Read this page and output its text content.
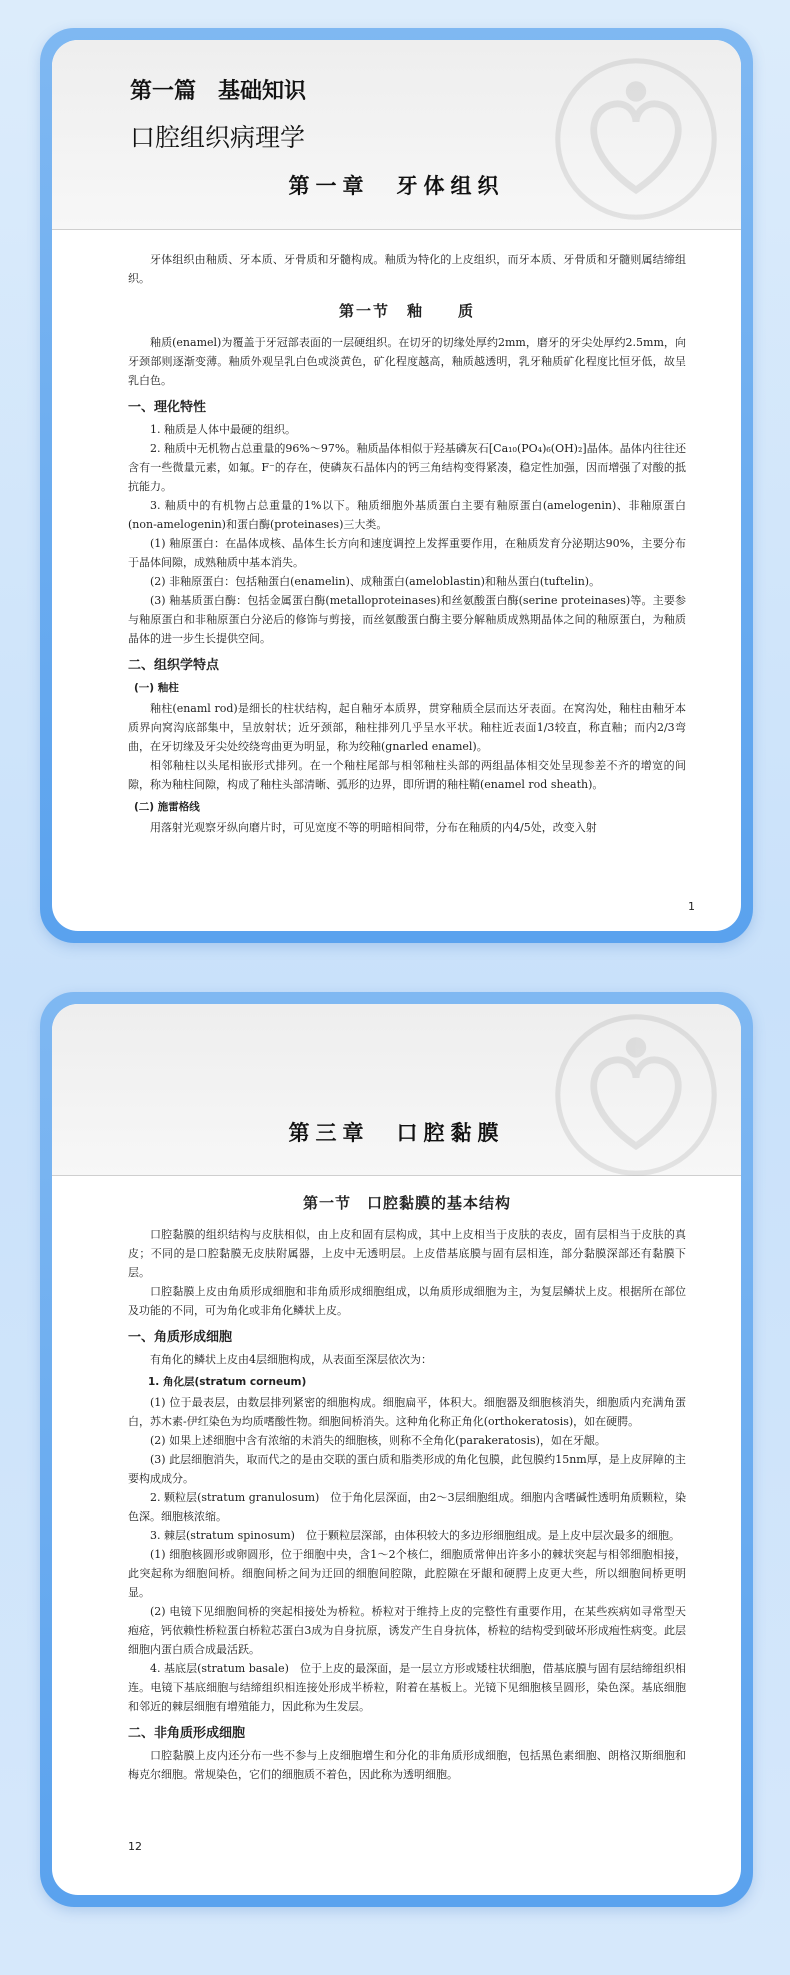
第一篇　基础知识
口腔组织病理学
第一章　牙体组织

牙体组织由釉质、牙本质、牙骨质和牙髓构成。釉质为特化的上皮组织，而牙本质、牙骨质和牙髓则属结缔组织。

第一节　釉　　质

釉质(enamel)为覆盖于牙冠部表面的一层硬组织。在切牙的切缘处厚约2mm，磨牙的牙尖处厚约2.5mm，向牙颈部则逐渐变薄。釉质外观呈乳白色或淡黄色，矿化程度越高，釉质越透明，乳牙釉质矿化程度比恒牙低，故呈乳白色。

一、理化特性

1. 釉质是人体中最硬的组织。

2. 釉质中无机物占总重量的96%～97%。釉质晶体相似于羟基磷灰石[Ca₁₀(PO₄)₆(OH)₂]晶体。晶体内往往还含有一些微量元素，如氟。F⁻的存在，使磷灰石晶体内的钙三角结构变得紧凑，稳定性加强，因而增强了对酸的抵抗能力。

3. 釉质中的有机物占总重量的1%以下。釉质细胞外基质蛋白主要有釉原蛋白(amelogenin)、非釉原蛋白(non-amelogenin)和蛋白酶(proteinases)三大类。

(1) 釉原蛋白：在晶体成核、晶体生长方向和速度调控上发挥重要作用，在釉质发育分泌期达90%，主要分布于晶体间隙，成熟釉质中基本消失。

(2) 非釉原蛋白：包括釉蛋白(enamelin)、成釉蛋白(ameloblastin)和釉丛蛋白(tuftelin)。

(3) 釉基质蛋白酶：包括金属蛋白酶(metalloproteinases)和丝氨酸蛋白酶(serine proteinases)等。主要参与釉原蛋白和非釉原蛋白分泌后的修饰与剪接，而丝氨酸蛋白酶主要分解釉质成熟期晶体之间的釉原蛋白，为釉质晶体的进一步生长提供空间。

二、组织学特点
(一) 釉柱

釉柱(enaml rod)是细长的柱状结构，起自釉牙本质界，贯穿釉质全层而达牙表面。在窝沟处，釉柱由釉牙本质界向窝沟底部集中，呈放射状；近牙颈部，釉柱排列几乎呈水平状。釉柱近表面1/3较直，称直釉；而内2/3弯曲，在牙切缘及牙尖处绞绕弯曲更为明显，称为绞釉(gnarled enamel)。

相邻釉柱以头尾相嵌形式排列。在一个釉柱尾部与相邻釉柱头部的两组晶体相交处呈现参差不齐的增宽的间隙，称为釉柱间隙，构成了釉柱头部清晰、弧形的边界，即所谓的釉柱鞘(enamel rod sheath)。

(二) 施雷格线

用落射光观察牙纵向磨片时，可见宽度不等的明暗相间带，分布在釉质的内4/5处，改变入射

1
第三章　口腔黏膜
第一节　口腔黏膜的基本结构

口腔黏膜的组织结构与皮肤相似，由上皮和固有层构成，其中上皮相当于皮肤的表皮，固有层相当于皮肤的真皮；不同的是口腔黏膜无皮肤附属器，上皮中无透明层。上皮借基底膜与固有层相连，部分黏膜深部还有黏膜下层。

口腔黏膜上皮由角质形成细胞和非角质形成细胞组成，以角质形成细胞为主，为复层鳞状上皮。根据所在部位及功能的不同，可为角化或非角化鳞状上皮。

一、角质形成细胞

有角化的鳞状上皮由4层细胞构成，从表面至深层依次为：

1. 角化层(stratum corneum)

(1) 位于最表层，由数层排列紧密的细胞构成。细胞扁平，体积大。细胞器及细胞核消失，细胞质内充满角蛋白，苏木素-伊红染色为均质嗜酸性物。细胞间桥消失。这种角化称正角化(orthokeratosis)，如在硬腭。

(2) 如果上述细胞中含有浓缩的未消失的细胞核，则称不全角化(parakeratosis)，如在牙龈。

(3) 此层细胞消失，取而代之的是由交联的蛋白质和脂类形成的角化包膜，此包膜约15nm厚，是上皮屏障的主要构成成分。

2. 颗粒层(stratum granulosum)　位于角化层深面，由2～3层细胞组成。细胞内含嗜碱性透明角质颗粒，染色深。细胞核浓缩。

3. 棘层(stratum spinosum)　位于颗粒层深部，由体积较大的多边形细胞组成。是上皮中层次最多的细胞。

(1) 细胞核圆形或卵圆形，位于细胞中央，含1～2个核仁，细胞质常伸出许多小的棘状突起与相邻细胞相接，此突起称为细胞间桥。细胞间桥之间为迂回的细胞间腔隙，此腔隙在牙龈和硬腭上皮更大些，所以细胞间桥更明显。

(2) 电镜下见细胞间桥的突起相接处为桥粒。桥粒对于维持上皮的完整性有重要作用，在某些疾病如寻常型天疱疮，钙依赖性桥粒蛋白桥粒芯蛋白3成为自身抗原，诱发产生自身抗体，桥粒的结构受到破坏形成疱性病变。此层细胞内蛋白质合成最活跃。

4. 基底层(stratum basale)　位于上皮的最深面，是一层立方形或矮柱状细胞，借基底膜与固有层结缔组织相连。电镜下基底细胞与结缔组织相连接处形成半桥粒，附着在基板上。光镜下见细胞核呈圆形，染色深。基底细胞和邻近的棘层细胞有增殖能力，因此称为生发层。

二、非角质形成细胞

口腔黏膜上皮内还分布一些不参与上皮细胞增生和分化的非角质形成细胞，包括黑色素细胞、朗格汉斯细胞和梅克尔细胞。常规染色，它们的细胞质不着色，因此称为透明细胞。

12
